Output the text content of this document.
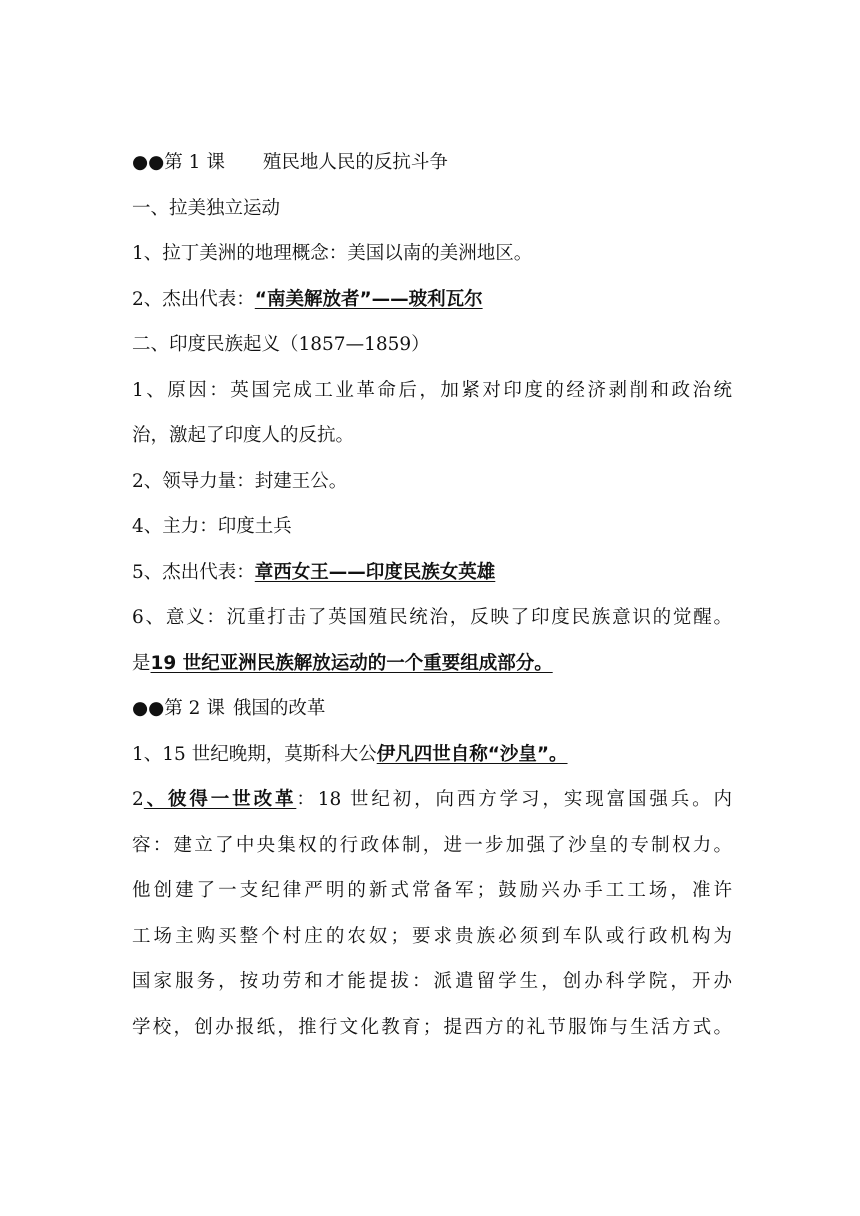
●●第 1 课 殖民地人民的反抗斗争
一、拉美独立运动
1、拉丁美洲的地理概念：美国以南的美洲地区。
2、杰出代表：“南美解放者”——玻利瓦尔
二、印度民族起义（1857—1859）
1、原因：英国完成工业革命后，加紧对印度的经济剥削和政治统
治，激起了印度人的反抗。
2、领导力量：封建王公。
4、主力：印度土兵
5、杰出代表：章西女王——印度民族女英雄
6、意义：沉重打击了英国殖民统治，反映了印度民族意识的觉醒。
是19 世纪亚洲民族解放运动的一个重要组成部分。
●●第 2 课 俄国的改革
1、15 世纪晚期，莫斯科大公伊凡四世自称“沙皇”。
2、彼得一世改革：18 世纪初，向西方学习，实现富国强兵。内
容：建立了中央集权的行政体制，进一步加强了沙皇的专制权力。
他创建了一支纪律严明的新式常备军；鼓励兴办手工工场，准许
工场主购买整个村庄的农奴；要求贵族必须到车队或行政机构为
国家服务，按功劳和才能提拔：派遣留学生，创办科学院，开办
学校，创办报纸，推行文化教育；提西方的礼节服饰与生活方式。
